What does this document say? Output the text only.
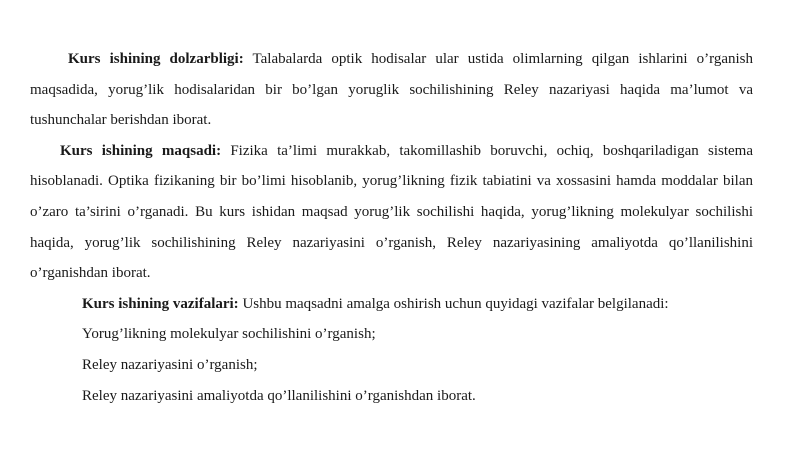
Kurs ishining dolzarbligi: Talabalarda optik hodisalar ular ustida olimlarning qilgan ishlarini o’rganish maqsadida, yorug’lik hodisalaridan bir bo’lgan yoruglik sochilishining Reley nazariyasi haqida ma’lumot va tushunchalar berishdan iborat.

Kurs ishining maqsadi: Fizika ta’limi murakkab, takomillashib boruvchi, ochiq, boshqariladigan sistema hisoblanadi. Optika fizikaning bir bo’limi hisoblanib, yorug’likning fizik tabiatini va xossasini hamda moddalar bilan o’zaro ta’sirini o’rganadi. Bu kurs ishidan maqsad yorug’lik sochilishi haqida, yorug’likning molekulyar sochilishi haqida, yorug’lik sochilishining Reley nazariyasini o’rganish, Reley nazariyasining amaliyotda qo’llanilishini o’rganishdan iborat.

Kurs ishining vazifalari: Ushbu maqsadni amalga oshirish uchun quyidagi vazifalar belgilanadi:

Yorug’likning molekulyar sochilishini o’rganish;

Reley nazariyasini o’rganish;

Reley nazariyasini amaliyotda qo’llanilishini o’rganishdan iborat.
